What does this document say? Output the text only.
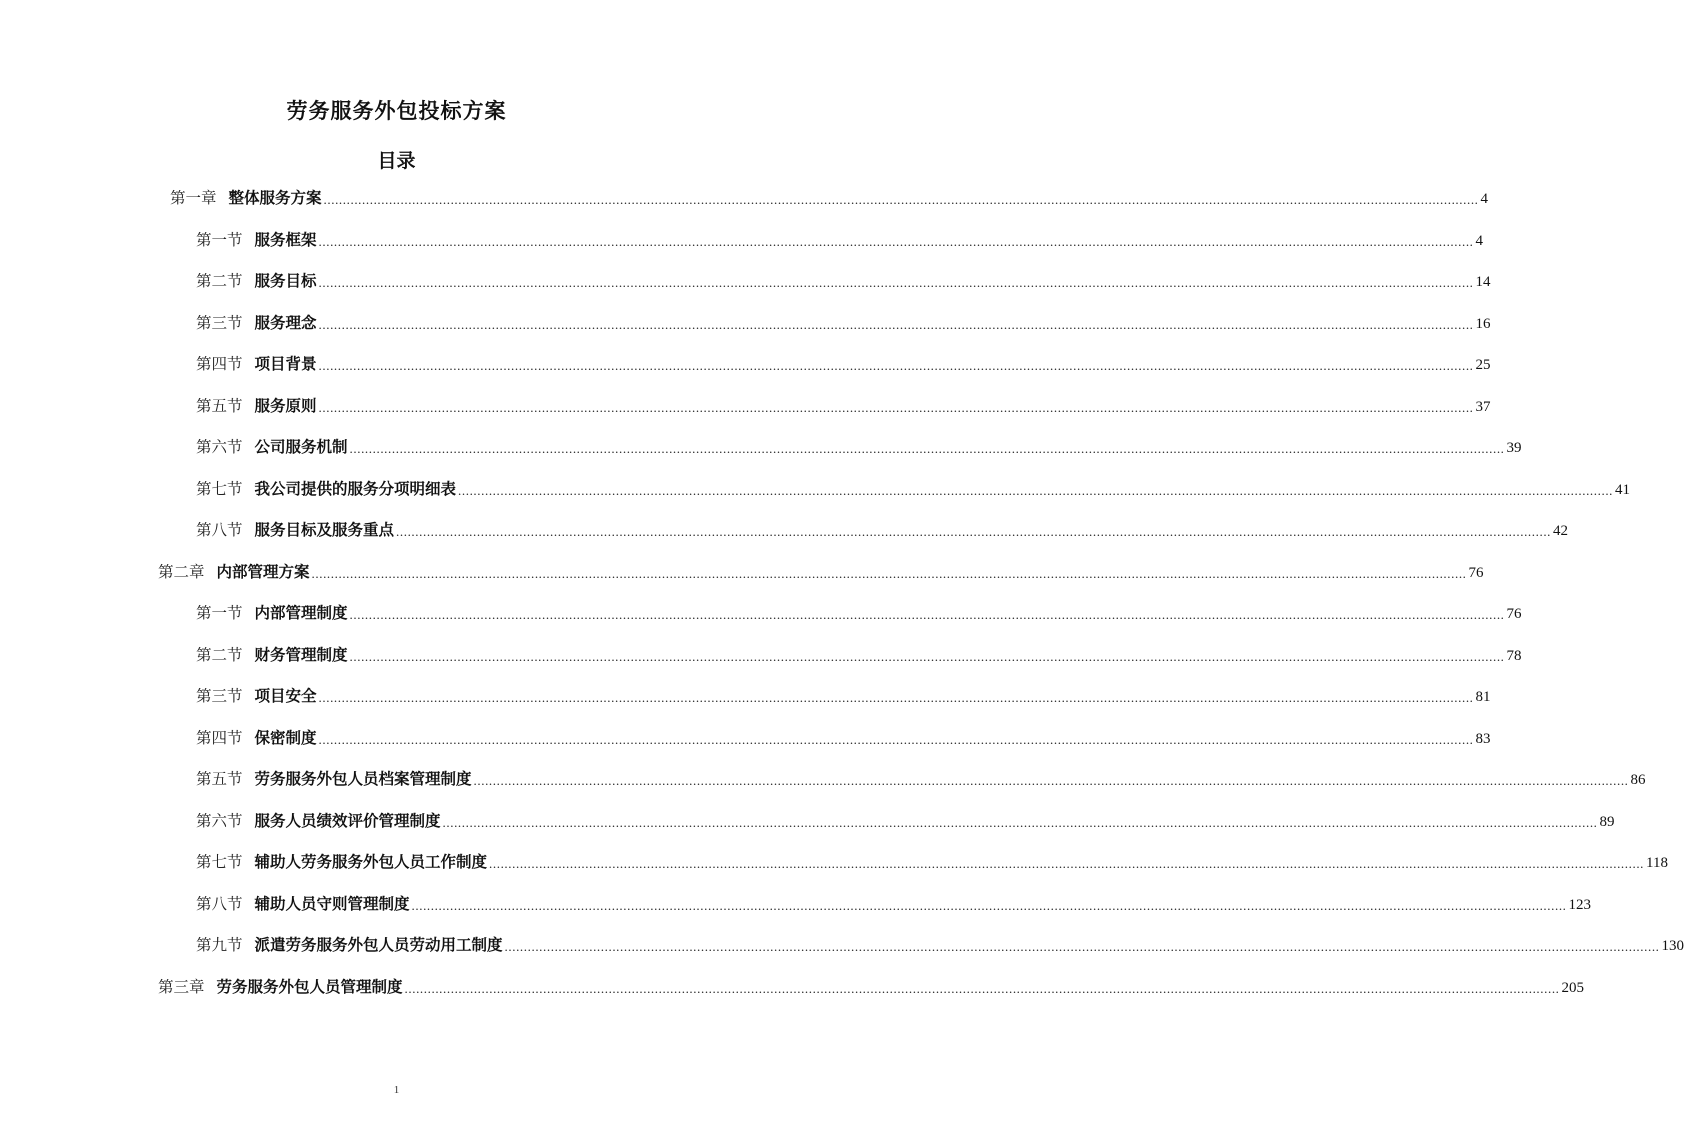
劳务服务外包投标方案
目录
第一章 整体服务方案 ............................................................................................................................................................................................................................................................................................................ 4
第一节 服务框架 ............................................................................................................................................................................................................................................................................................................ 4
第二节 服务目标 ............................................................................................................................................................................................................................................................................................................ 14
第三节 服务理念 ............................................................................................................................................................................................................................................................................................................ 16
第四节 项目背景 ............................................................................................................................................................................................................................................................................................................ 25
第五节 服务原则 ............................................................................................................................................................................................................................................................................................................ 37
第六节 公司服务机制 ............................................................................................................................................................................................................................................................................................................ 39
第七节 我公司提供的服务分项明细表 ............................................................................................................................................................................................................................................................................................................ 41
第八节 服务目标及服务重点 ............................................................................................................................................................................................................................................................................................................ 42
第二章 内部管理方案 ............................................................................................................................................................................................................................................................................................................ 76
第一节 内部管理制度 ............................................................................................................................................................................................................................................................................................................ 76
第二节 财务管理制度 ............................................................................................................................................................................................................................................................................................................ 78
第三节 项目安全 ............................................................................................................................................................................................................................................................................................................ 81
第四节 保密制度 ............................................................................................................................................................................................................................................................................................................ 83
第五节 劳务服务外包人员档案管理制度 ............................................................................................................................................................................................................................................................................................................ 86
第六节 服务人员绩效评价管理制度 ............................................................................................................................................................................................................................................................................................................ 89
第七节 辅助人劳务服务外包人员工作制度 ............................................................................................................................................................................................................................................................................................................ 118
第八节 辅助人员守则管理制度 ............................................................................................................................................................................................................................................................................................................ 123
第九节 派遣劳务服务外包人员劳动用工制度 ............................................................................................................................................................................................................................................................................................................ 130
第三章 劳务服务外包人员管理制度 ............................................................................................................................................................................................................................................................................................................ 205
1
